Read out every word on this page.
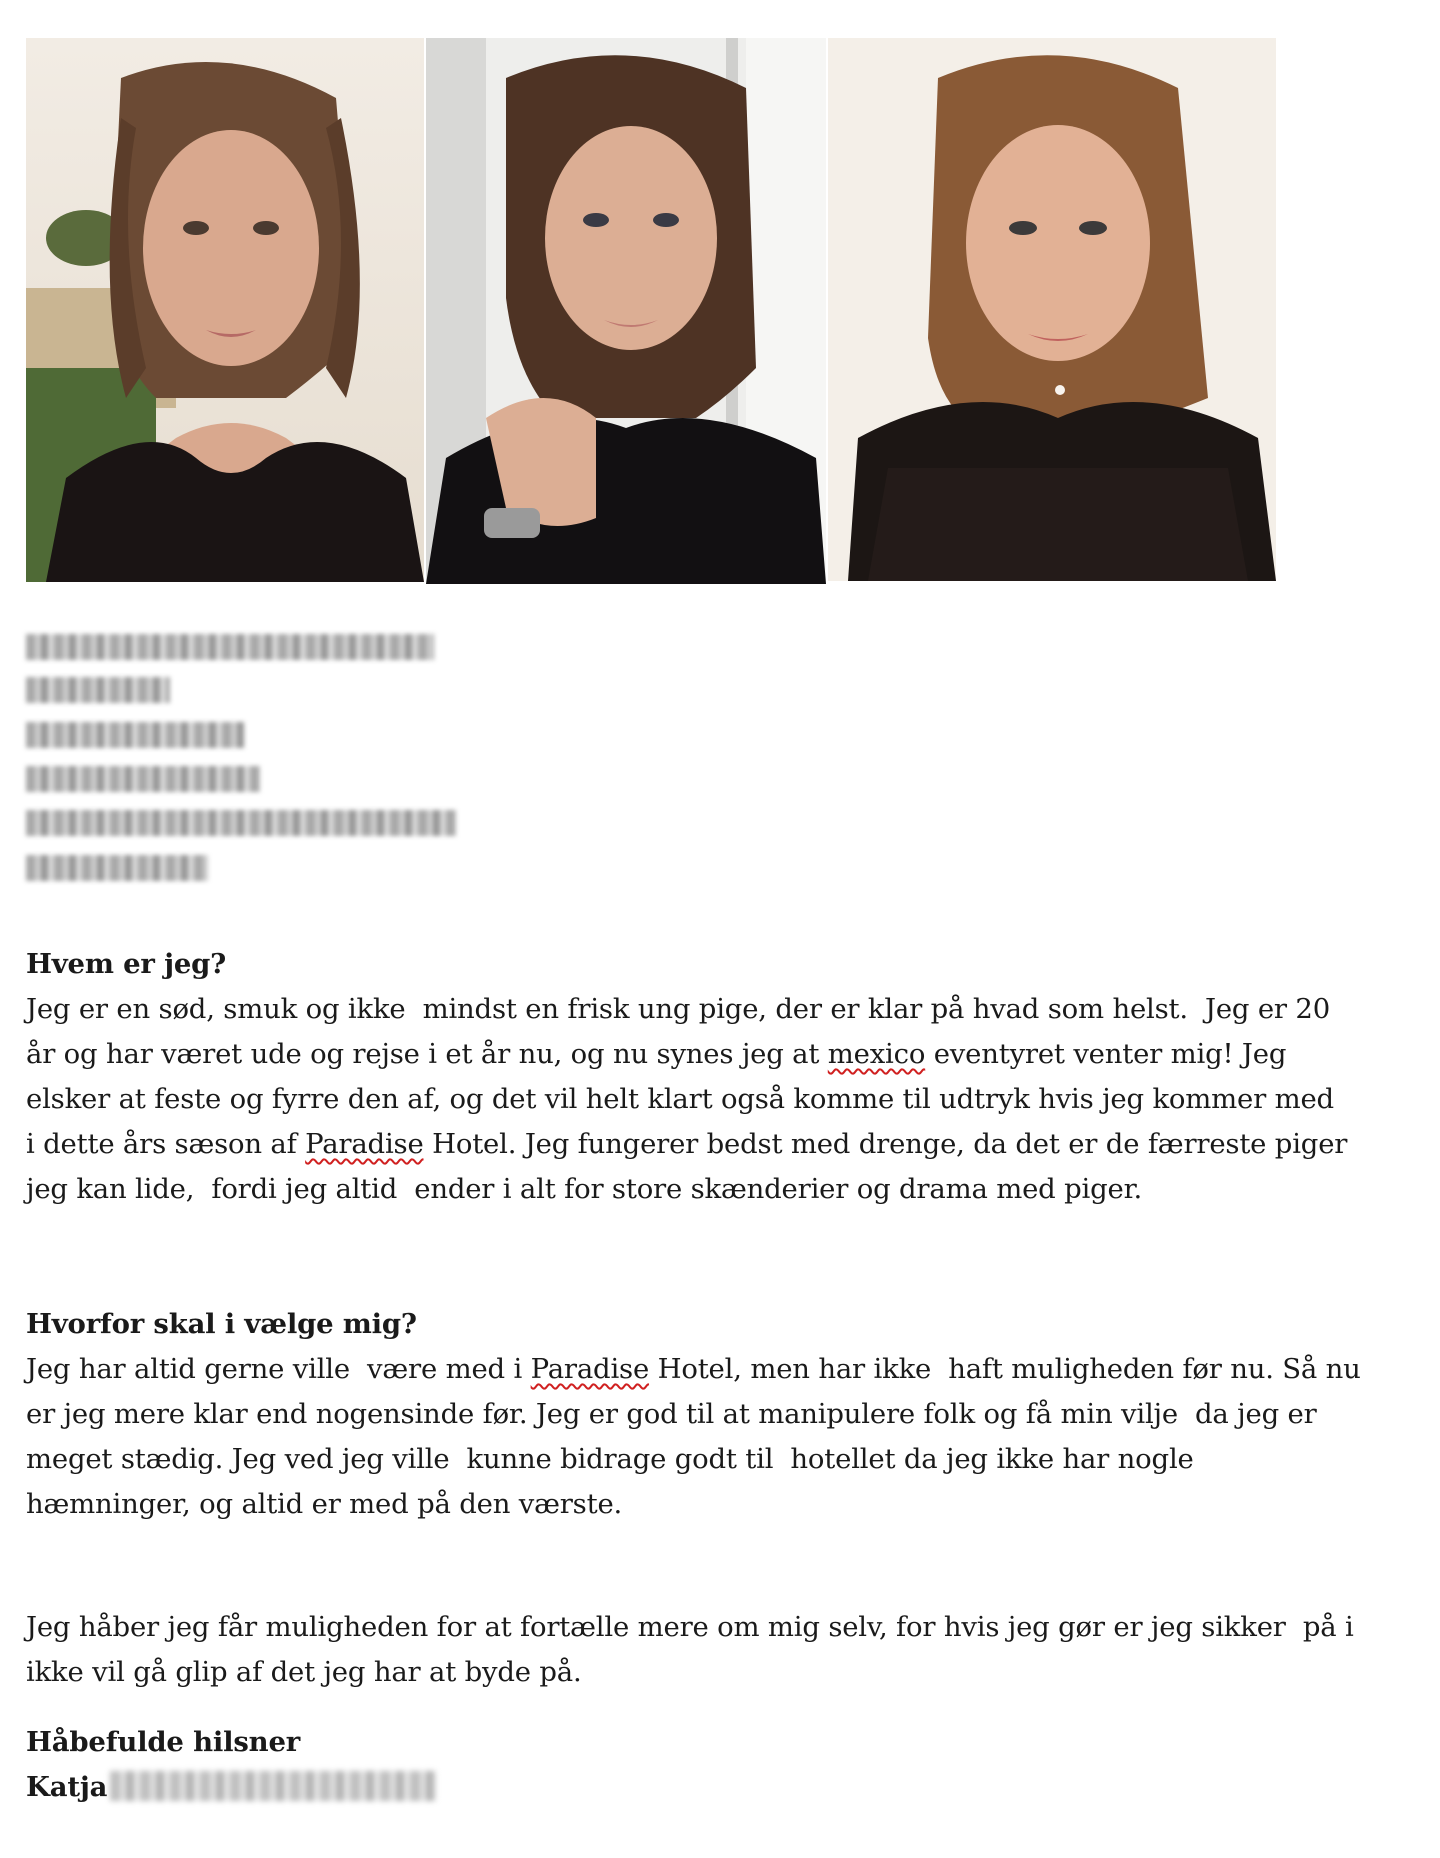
Hvem er jeg?
Jeg er en sød, smuk og ikke  mindst en frisk ung pige, der er klar på hvad som helst.  Jeg er 20
år og har været ude og rejse i et år nu, og nu synes jeg at mexico eventyret venter mig! Jeg
elsker at feste og fyrre den af, og det vil helt klart også komme til udtryk hvis jeg kommer med
i dette års sæson af Paradise Hotel. Jeg fungerer bedst med drenge, da det er de færreste piger
jeg kan lide,  fordi jeg altid  ender i alt for store skænderier og drama med piger.
Hvorfor skal i vælge mig?
Jeg har altid gerne ville  være med i Paradise Hotel, men har ikke  haft muligheden før nu. Så nu
er jeg mere klar end nogensinde før. Jeg er god til at manipulere folk og få min vilje  da jeg er
meget stædig. Jeg ved jeg ville  kunne bidrage godt til  hotellet da jeg ikke har nogle
hæmninger, og altid er med på den værste.
Jeg håber jeg får muligheden for at fortælle mere om mig selv, for hvis jeg gør er jeg sikker  på i
ikke vil gå glip af det jeg har at byde på.
Håbefulde hilsner
Katja
